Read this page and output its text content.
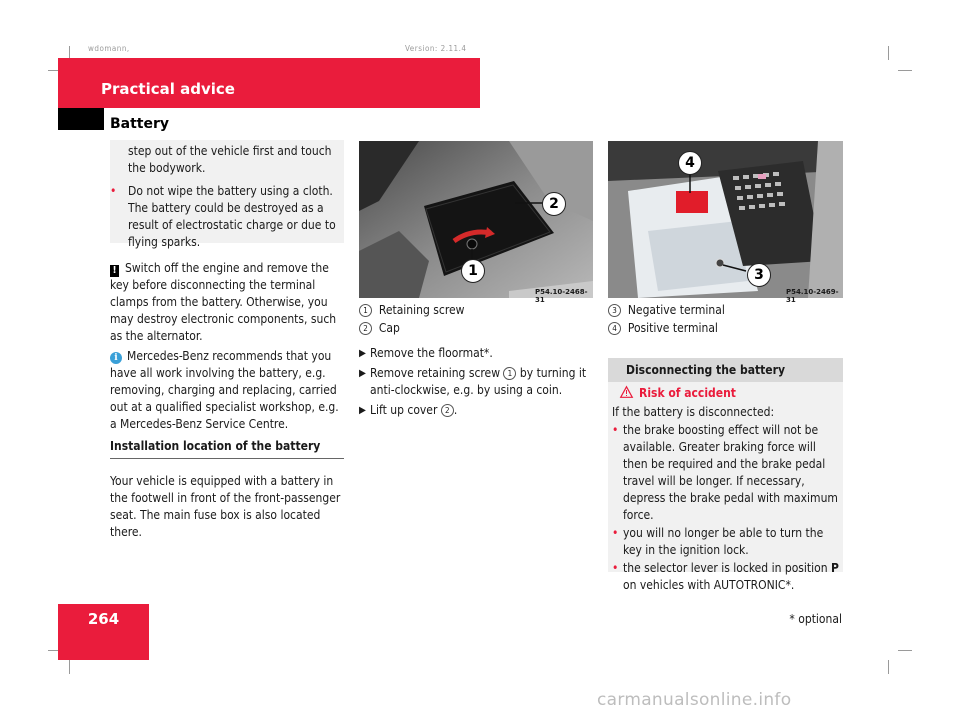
wdomann,	Version: 2.11.4
Practical advice
Battery

step out of the vehicle first and touch the bodywork.

• Do not wipe the battery using a cloth. The battery could be destroyed as a result of electrostatic charge or due to flying sparks.

! Switch off the engine and remove the key before disconnecting the terminal clamps from the battery. Otherwise, you may destroy electronic components, such as the alternator.

i Mercedes-Benz recommends that you have all work involving the battery, e.g. removing, charging and replacing, carried out at a qualified specialist workshop, e.g. a Mercedes-Benz Service Centre.

Installation location of the battery

Your vehicle is equipped with a battery in the footwell in front of the front-passenger seat. The main fuse box is also located there.

2
1
P54.10-2468-31

1 Retaining screw

2 Cap

▶ Remove the floormat*.

▶ Remove retaining screw 1 by turning it anti-clockwise, e.g. by using a coin.

▶ Lift up cover 2 .

4
3
P54.10-2469-31

3 Negative terminal

4 Positive terminal

Disconnecting the battery

Risk of accident

If the battery is disconnected:

• the brake boosting effect will not be available. Greater braking force will then be required and the brake pedal travel will be longer. If necessary, depress the brake pedal with maximum force.

• you will no longer be able to turn the key in the ignition lock.

• the selector lever is locked in position P on vehicles with AUTOTRONIC*.

264	* optional
carmanualsonline.info
